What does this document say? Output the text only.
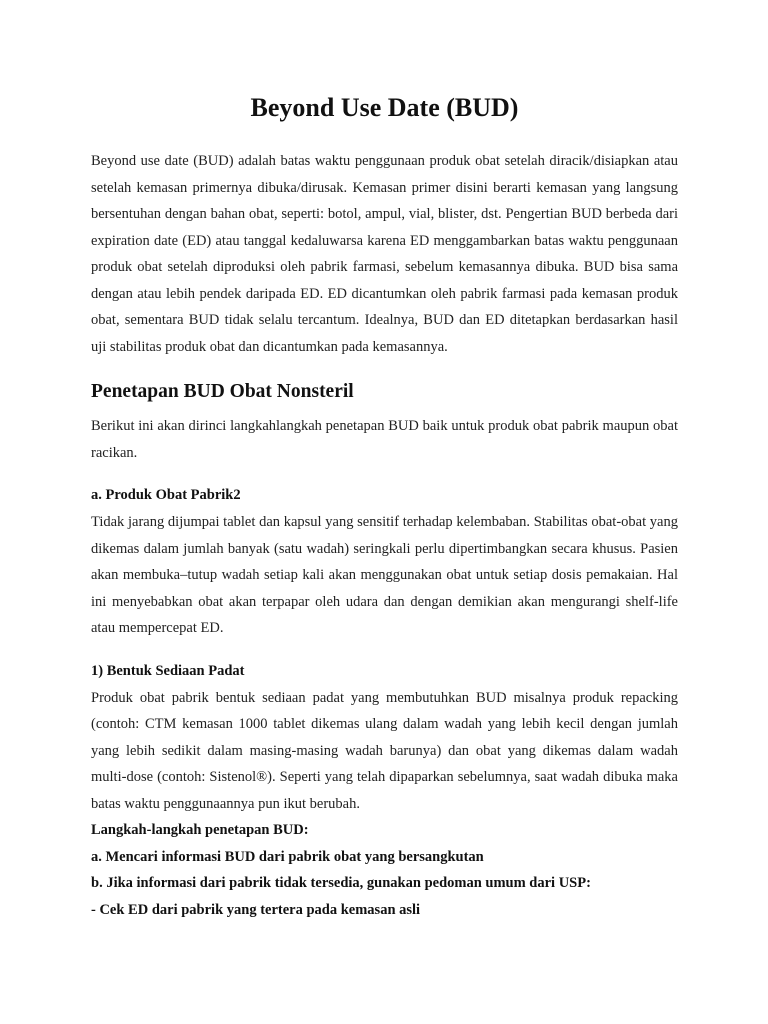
Beyond Use Date (BUD)

Beyond use date (BUD) adalah batas waktu penggunaan produk obat setelah diracik/disiapkan atau setelah kemasan primernya dibuka/dirusak. Kemasan primer disini berarti kemasan yang langsung bersentuhan dengan bahan obat, seperti: botol, ampul, vial, blister, dst. Pengertian BUD berbeda dari expiration date (ED) atau tanggal kedaluwarsa karena ED menggambarkan batas waktu penggunaan produk obat setelah diproduksi oleh pabrik farmasi, sebelum kemasannya dibuka. BUD bisa sama dengan atau lebih pendek daripada ED. ED dicantumkan oleh pabrik farmasi pada kemasan produk obat, sementara BUD tidak selalu tercantum. Idealnya, BUD dan ED ditetapkan berdasarkan hasil uji stabilitas produk obat dan dicantumkan pada kemasannya.

Penetapan BUD Obat Nonsteril

Berikut ini akan dirinci langkahlangkah penetapan BUD baik untuk produk obat pabrik maupun obat racikan.

a. Produk Obat Pabrik2

Tidak jarang dijumpai tablet dan kapsul yang sensitif terhadap kelembaban. Stabilitas obat-obat yang dikemas dalam jumlah banyak (satu wadah) seringkali perlu dipertimbangkan secara khusus. Pasien akan membuka–tutup wadah setiap kali akan menggunakan obat untuk setiap dosis pemakaian. Hal ini menyebabkan obat akan terpapar oleh udara dan dengan demikian akan mengurangi shelf-life atau mempercepat ED.

1) Bentuk Sediaan Padat

Produk obat pabrik bentuk sediaan padat yang membutuhkan BUD misalnya produk repacking (contoh: CTM kemasan 1000 tablet dikemas ulang dalam wadah yang lebih kecil dengan jumlah yang lebih sedikit dalam masing-masing wadah barunya) dan obat yang dikemas dalam wadah multi-dose (contoh: Sistenol®). Seperti yang telah dipaparkan sebelumnya, saat wadah dibuka maka batas waktu penggunaannya pun ikut berubah.

Langkah-langkah penetapan BUD:
a. Mencari informasi BUD dari pabrik obat yang bersangkutan
b. Jika informasi dari pabrik tidak tersedia, gunakan pedoman umum dari USP:
- Cek ED dari pabrik yang tertera pada kemasan asli
